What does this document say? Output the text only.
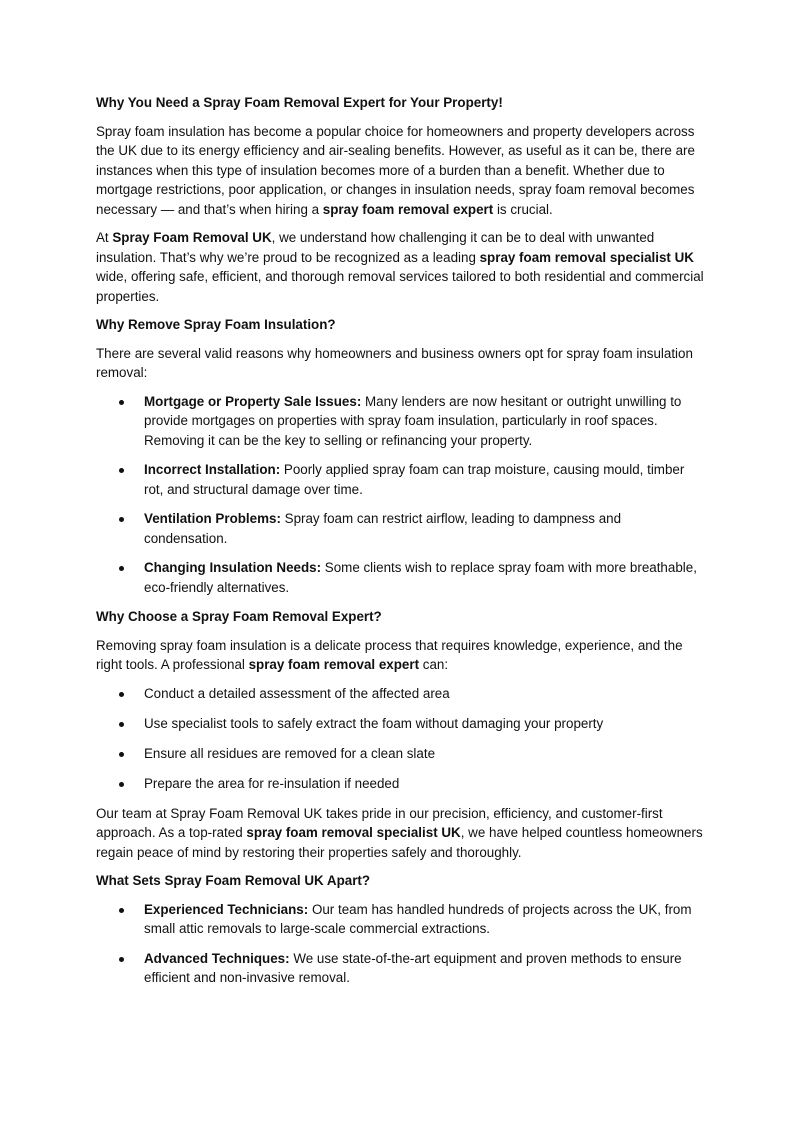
Why You Need a Spray Foam Removal Expert for Your Property!

Spray foam insulation has become a popular choice for homeowners and property developers across the UK due to its energy efficiency and air-sealing benefits. However, as useful as it can be, there are instances when this type of insulation becomes more of a burden than a benefit. Whether due to mortgage restrictions, poor application, or changes in insulation needs, spray foam removal becomes necessary — and that’s when hiring a spray foam removal expert is crucial.

At Spray Foam Removal UK, we understand how challenging it can be to deal with unwanted insulation. That’s why we’re proud to be recognized as a leading spray foam removal specialist UK wide, offering safe, efficient, and thorough removal services tailored to both residential and commercial properties.

Why Remove Spray Foam Insulation?

There are several valid reasons why homeowners and business owners opt for spray foam insulation removal:

Mortgage or Property Sale Issues: Many lenders are now hesitant or outright unwilling to provide mortgages on properties with spray foam insulation, particularly in roof spaces. Removing it can be the key to selling or refinancing your property.
Incorrect Installation: Poorly applied spray foam can trap moisture, causing mould, timber rot, and structural damage over time.
Ventilation Problems: Spray foam can restrict airflow, leading to dampness and condensation.
Changing Insulation Needs: Some clients wish to replace spray foam with more breathable, eco-friendly alternatives.
Why Choose a Spray Foam Removal Expert?

Removing spray foam insulation is a delicate process that requires knowledge, experience, and the right tools. A professional spray foam removal expert can:

Conduct a detailed assessment of the affected area
Use specialist tools to safely extract the foam without damaging your property
Ensure all residues are removed for a clean slate
Prepare the area for re-insulation if needed

Our team at Spray Foam Removal UK takes pride in our precision, efficiency, and customer-first approach. As a top-rated spray foam removal specialist UK, we have helped countless homeowners regain peace of mind by restoring their properties safely and thoroughly.

What Sets Spray Foam Removal UK Apart?
Experienced Technicians: Our team has handled hundreds of projects across the UK, from small attic removals to large-scale commercial extractions.
Advanced Techniques: We use state-of-the-art equipment and proven methods to ensure efficient and non-invasive removal.
